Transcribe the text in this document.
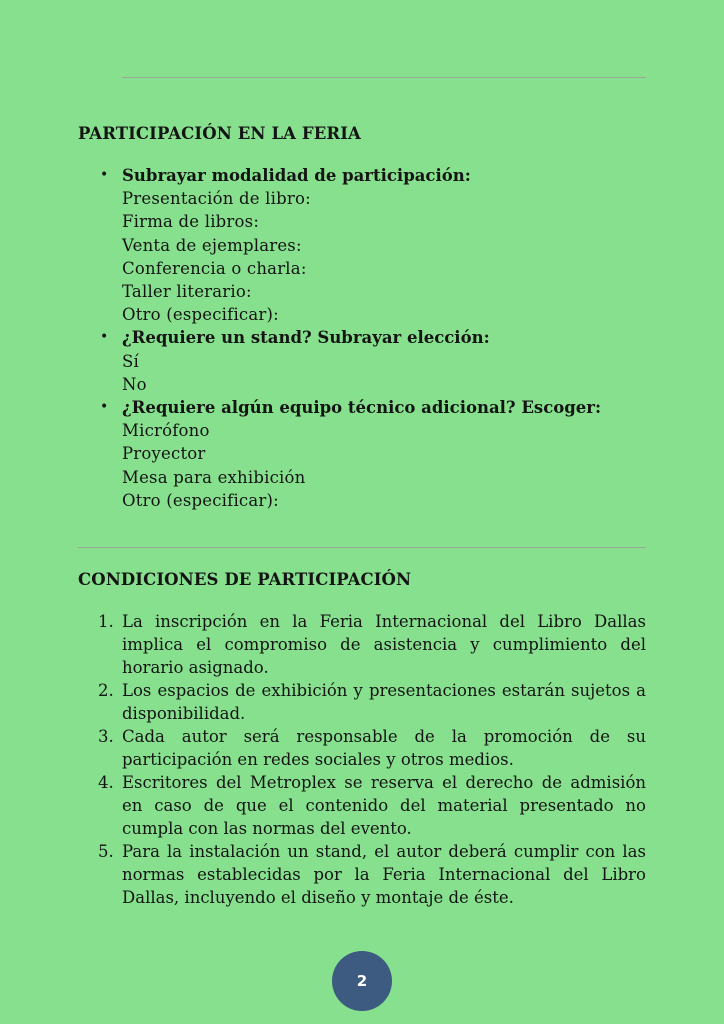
PARTICIPACIÓN EN LA FERIA
• Subrayar modalidad de participación:
Presentación de libro:
Firma de libros:
Venta de ejemplares:
Conferencia o charla:
Taller literario:
Otro (especificar):
• ¿Requiere un stand? Subrayar elección:
Sí
No
• ¿Requiere algún equipo técnico adicional? Escoger:
Micrófono
Proyector
Mesa para exhibición
Otro (especificar):
CONDICIONES DE PARTICIPACIÓN
1. La inscripción en la Feria Internacional del Libro Dallas implica el compromiso de asistencia y cumplimiento del horario asignado.
2. Los espacios de exhibición y presentaciones estarán sujetos a disponibilidad.
3. Cada autor será responsable de la promoción de su participación en redes sociales y otros medios.
4. Escritores del Metroplex se reserva el derecho de admisión en caso de que el contenido del material presentado no cumpla con las normas del evento.
5. Para la instalación un stand, el autor deberá cumplir con las normas establecidas por la Feria Internacional del Libro Dallas, incluyendo el diseño y montaje de éste.
2
